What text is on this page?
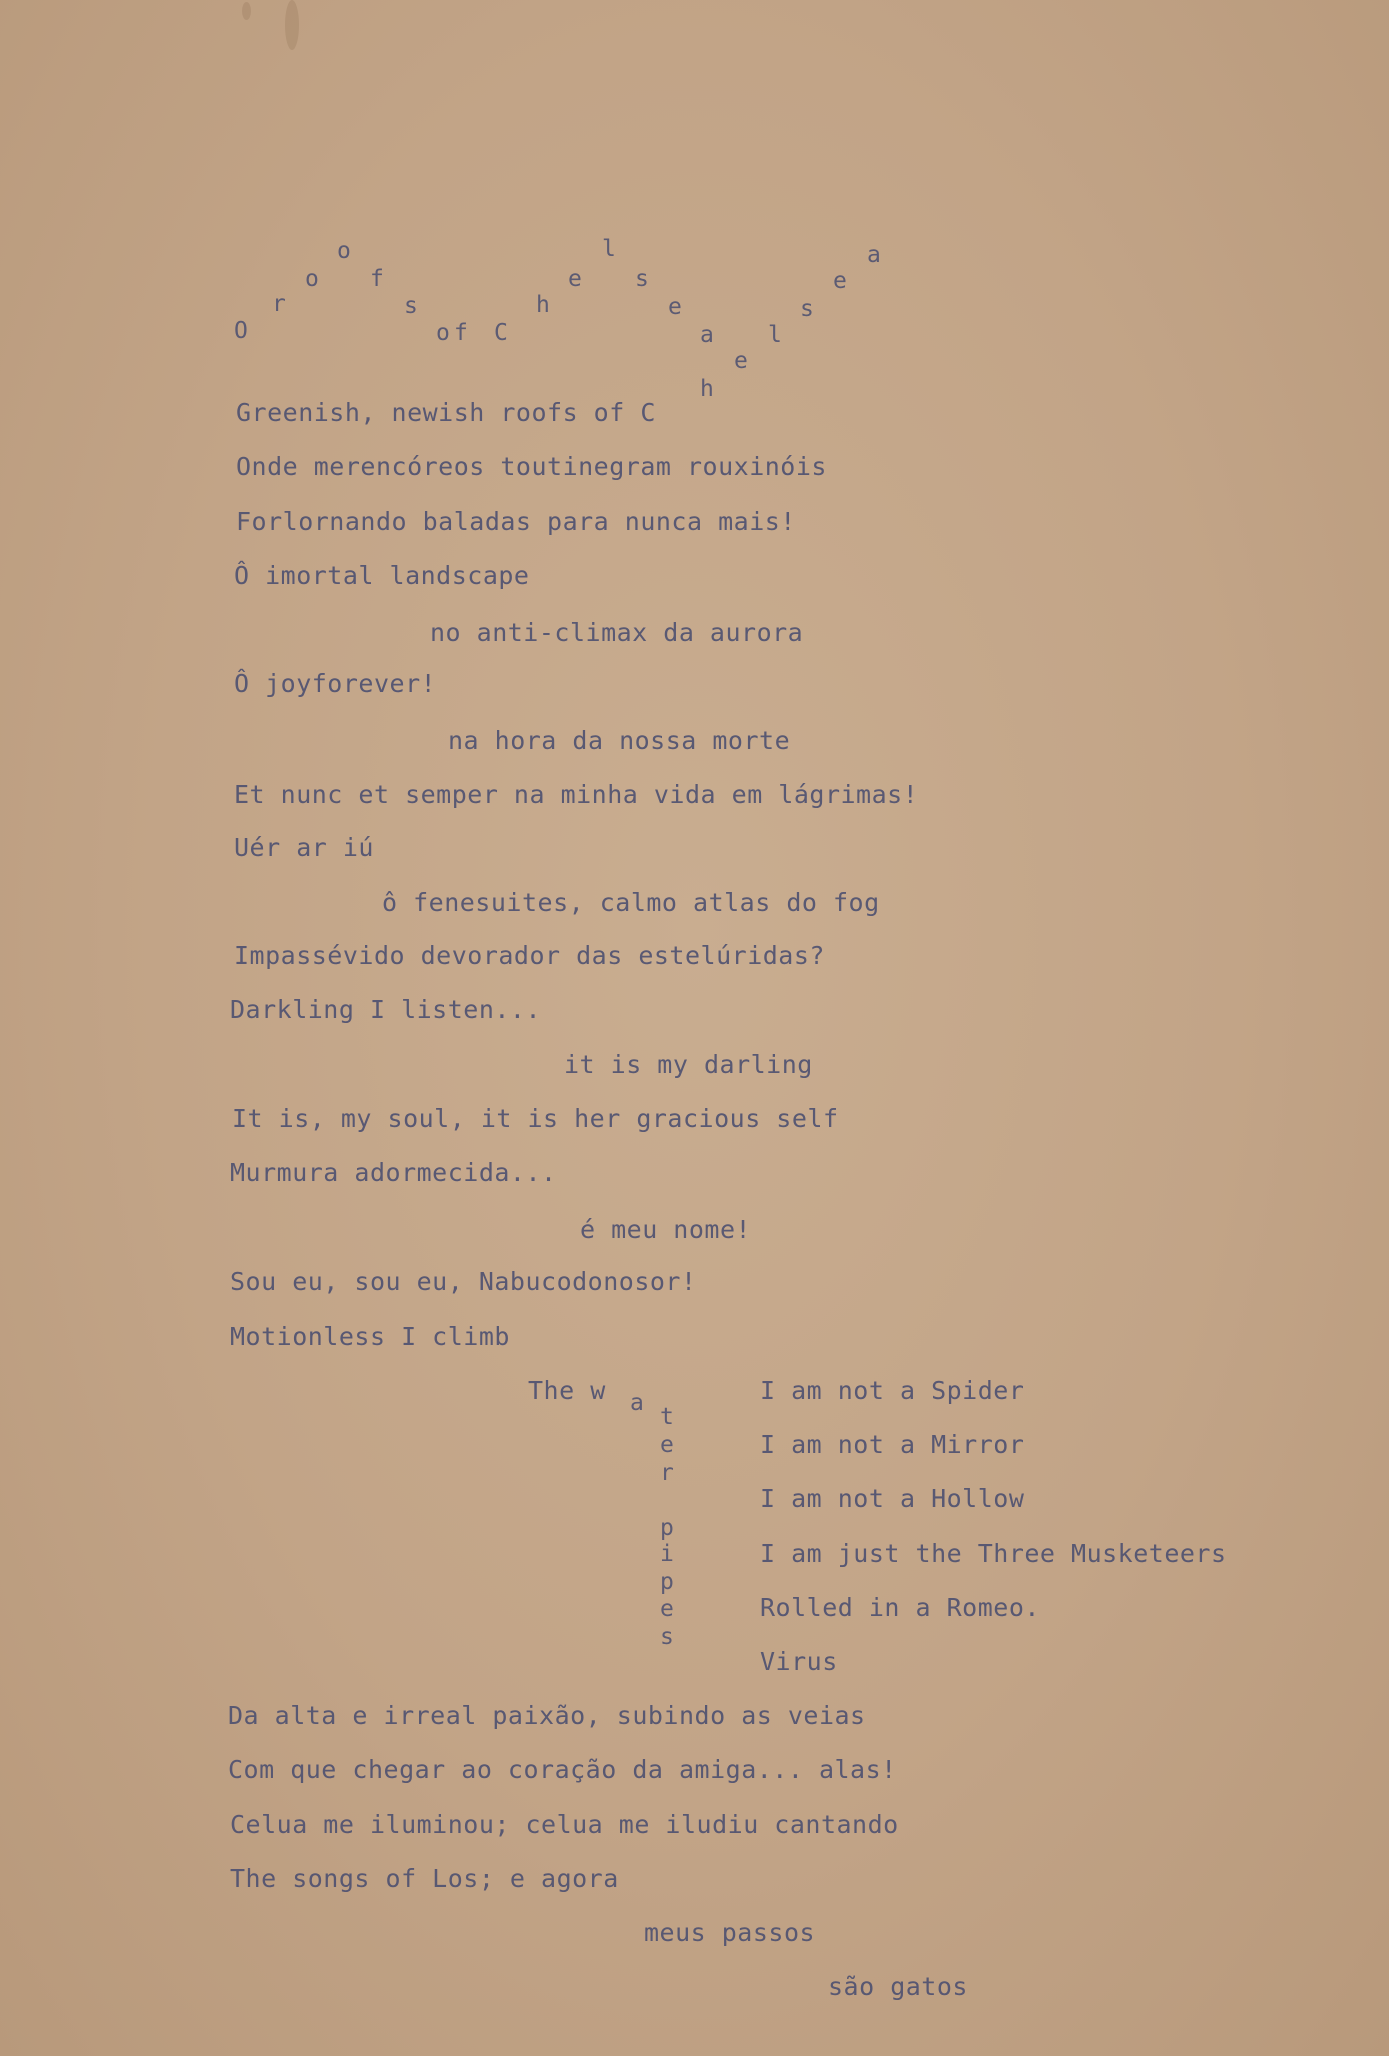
o
o
r
f
s
O	o f C
h
e
l
s
e
a
e
h
l
s
e
a
Greenish, newish roofs of C
Onde merencóreos toutinegram rouxinóis
Forlornando baladas para nunca mais!
Ô imortal landscape
no anti-climax da aurora
Ô joyforever!
na hora da nossa morte
Et nunc et semper na minha vida em lágrimas!
Uér ar iú
ô fenesuites, calmo atlas do fog
Impassévido devorador das estelúridas?
Darkling I listen...
it is my darling
It is, my soul, it is her gracious self
Murmura adormecida...
é meu nome!
Sou eu, sou eu, Nabucodonosor!
Motionless I climb
The w a
t
e
r
p
i
p
e
s
I am not a Spider
I am not a Mirror
I am not a Hollow
I am just the Three Musketeers
Rolled in a Romeo.
Virus
Da alta e irreal paixão, subindo as veias
Com que chegar ao coração da amiga... alas!
Celua me iluminou; celua me iludiu cantando
The songs of Los; e agora
meus passos
são gatos
